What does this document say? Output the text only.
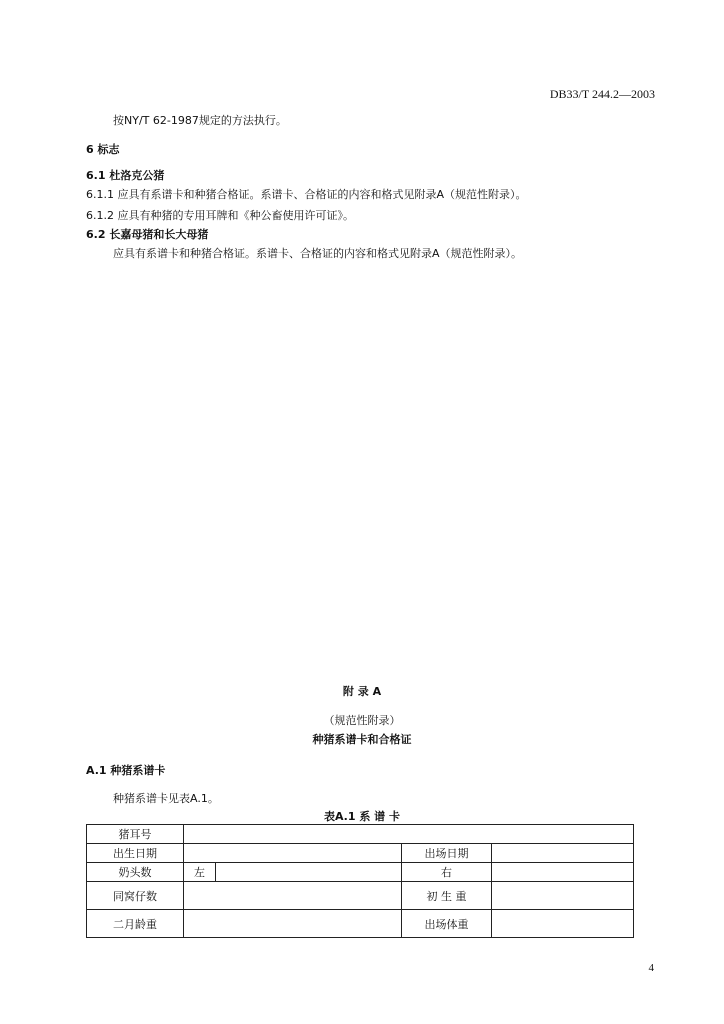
DB33/T 244.2—2003
按NY/T 62-1987规定的方法执行。
6 标志
6.1 杜洛克公猪
6.1.1 应具有系谱卡和种猪合格证。系谱卡、合格证的内容和格式见附录A（规范性附录）。
6.1.2 应具有种猪的专用耳牌和《种公畜使用许可证》。
6.2 长嘉母猪和长大母猪
应具有系谱卡和种猪合格证。系谱卡、合格证的内容和格式见附录A（规范性附录）。
附 录 A
（规范性附录）
种猪系谱卡和合格证
A.1 种猪系谱卡
种猪系谱卡见表A.1。
表A.1 系 谱 卡
猪耳号				
出生日期			出场日期	
奶头数	左		右	
同窝仔数			初 生 重	
二月龄重			出场体重	
4
